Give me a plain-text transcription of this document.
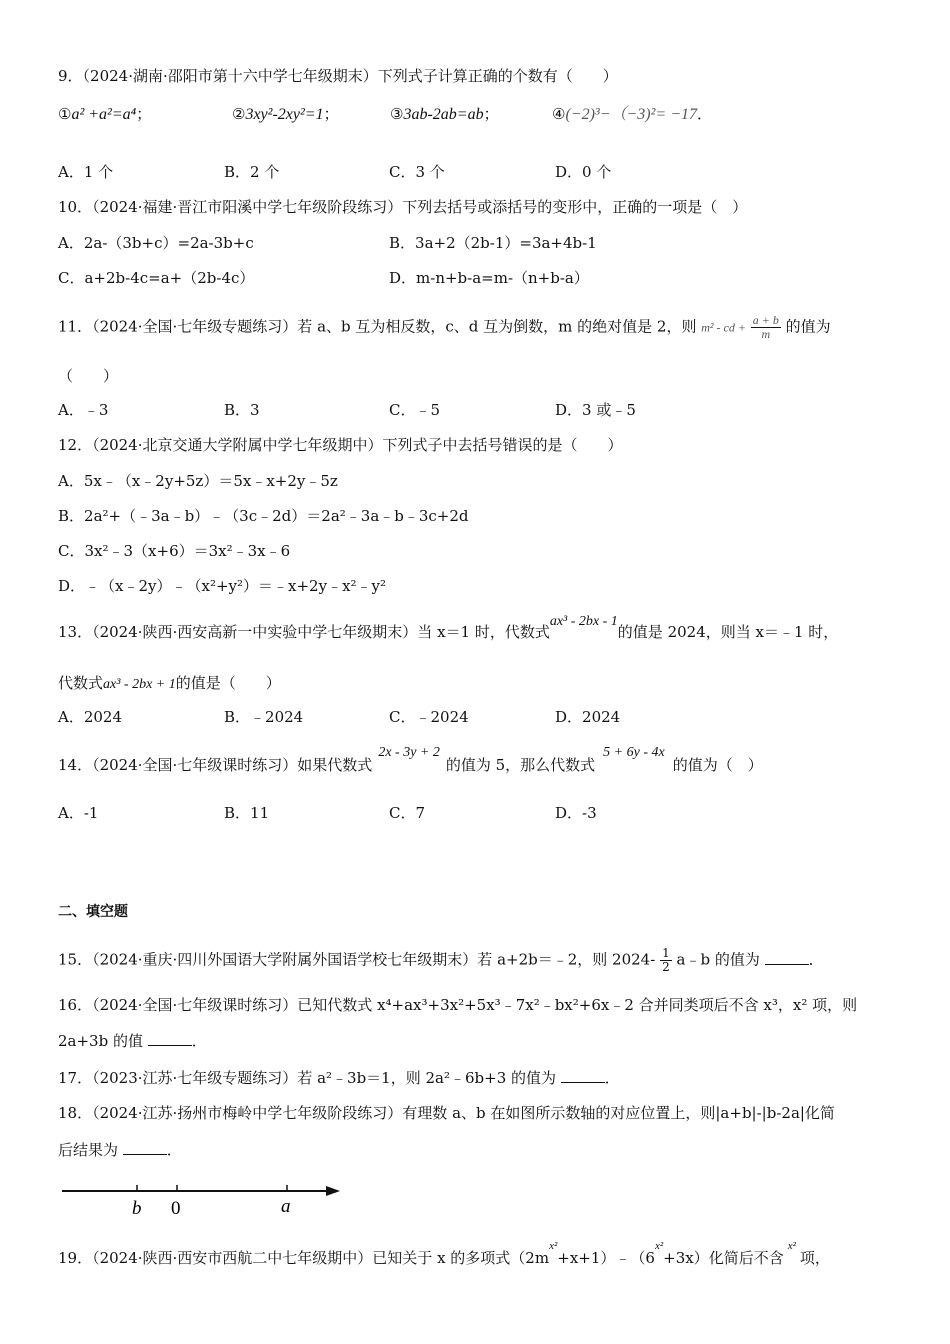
9．（2024·湖南·邵阳市第十六中学七年级期末）下列式子计算正确的个数有（　　）
①a² +a²=a⁴；	②3xy²-2xy²=1；	③3ab-2ab=ab；	④(−2)³−（−3)²= −17．
A．1 个	B．2 个	C．3 个	D．0 个
10．（2024·福建·晋江市阳溪中学七年级阶段练习）下列去括号或添括号的变形中，正确的一项是（　）
A．2a-（3b+c）=2a-3b+c	B．3a+2（2b-1）=3a+4b-1
C．a+2b-4c=a+（2b-4c）	D．m-n+b-a=m-（n+b-a）
11．（2024·全国·七年级专题练习）若 a、b 互为相反数，c、d 互为倒数，m 的绝对值是 2，则 m² - cd + $\frac{a + b}{m}$ 的值为
（　　）
A．﹣3	B．3	C．﹣5	D．3 或﹣5
12．（2024·北京交通大学附属中学七年级期中）下列式子中去括号错误的是（　　）
A．5x﹣（x﹣2y+5z）＝5x﹣x+2y﹣5z
B．2a²+（﹣3a﹣b）﹣（3c﹣2d）＝2a²﹣3a﹣b﹣3c+2d
C．3x²﹣3（x+6）＝3x²﹣3x﹣6
D．﹣（x﹣2y）﹣（x²+y²）＝﹣x+2y﹣x²﹣y²
13．（2024·陕西·西安高新一中实验中学七年级期末）当 x＝1 时，代数式ax³ - 2bx - 1的值是 2024，则当 x＝﹣1 时，
代数式ax³ - 2bx + 1的值是（　　）
A．2024	B．﹣2024	C．﹣2024	D．2024
14．（2024·全国·七年级课时练习）如果代数式2x - 3y + 2的值为 5，那么代数式5 + 6y - 4x的值为（　）
A．-1	B．11	C．7	D．-3
二、填空题
15．（2024·重庆·四川外国语大学附属外国语学校七年级期末）若 a+2b＝﹣2，则 $2024- \frac{1}{2}$ a﹣b 的值为	．
16．（2024·全国·七年级课时练习）已知代数式 x⁴+ax³+3x²+5x³﹣7x²﹣bx²+6x﹣2 合并同类项后不含 x³，x² 项，则
2a+3b 的值	．
17．（2023·江苏·七年级专题练习）若 a²﹣3b＝1，则 2a²﹣6b+3 的值为	．
18．（2024·江苏·扬州市梅岭中学七年级阶段练习）有理数 a、b 在如图所示数轴的对应位置上，则|a+b|-|b-2a|化简
后结果为	．
b 0	a
19．（2024·陕西·西安市西航二中七年级期中）已知关于 x 的多项式$(2m^{x^2}+x+1)﹣(6^{x^2}+3x)$化简后不含$^{x^2}$项，
